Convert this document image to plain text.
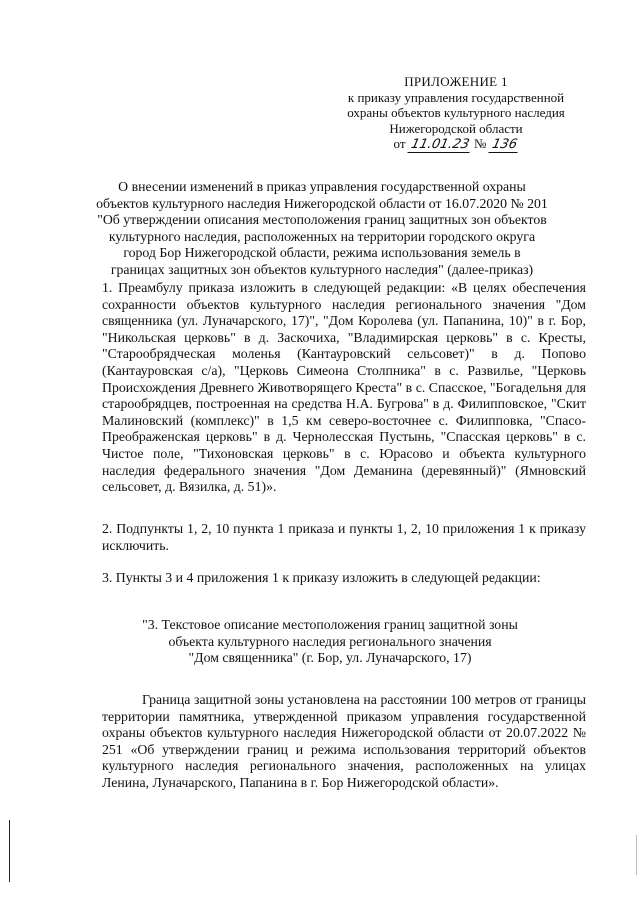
ПРИЛОЖЕНИЕ 1
к приказу управления государственной
охраны объектов культурного наследия
Нижегородской области
от 11.01.23 № 136
О внесении изменений в приказ управления государственной охраны объектов культурного наследия Нижегородской области от 16.07.2020 № 201 "Об утверждении описания местоположения границ защитных зон объектов культурного наследия, расположенных на территории городского округа город Бор Нижегородской области, режима использования земель в границах защитных зон объектов культурного наследия" (далее-приказ)
1. Преамбулу приказа изложить в следующей редакции: «В целях обеспечения сохранности объектов культурного наследия регионального значения "Дом священника (ул. Луначарского, 17)", "Дом Королева (ул. Папанина, 10)" в г. Бор, "Никольская церковь" в д. Заскочиха, "Владимирская церковь" в с. Кресты, "Старообрядческая моленья (Кантауровский сельсовет)" в д. Попово (Кантауровская с/а), "Церковь Симеона Столпника" в с. Развилье, "Церковь Происхождения Древнего Животворящего Креста" в с. Спасское, "Богадельня для старообрядцев, построенная на средства Н.А. Бугрова" в д. Филипповское, "Скит Малиновский (комплекс)" в 1,5 км северо-восточнее с. Филипповка, "Спасо-Преображенская церковь" в д. Чернолесская Пустынь, "Спасская церковь" в с. Чистое поле, "Тихоновская церковь" в с. Юрасово и объекта культурного наследия федерального значения "Дом Деманина (деревянный)" (Ямновский сельсовет, д. Вязилка, д. 51)».
2. Подпункты 1, 2, 10 пункта 1 приказа и пункты 1, 2, 10 приложения 1 к приказу исключить.
3. Пункты 3 и 4 приложения 1 к приказу изложить в следующей редакции:
"3. Текстовое описание местоположения границ защитной зоны
объекта культурного наследия регионального значения
"Дом священника" (г. Бор, ул. Луначарского, 17)
Граница защитной зоны установлена на расстоянии 100 метров от границы территории памятника, утвержденной приказом управления государственной охраны объектов культурного наследия Нижегородской области от 20.07.2022 № 251 «Об утверждении границ и режима использования территорий объектов культурного наследия регионального значения, расположенных на улицах Ленина, Луначарского, Папанина в г. Бор Нижегородской области».
